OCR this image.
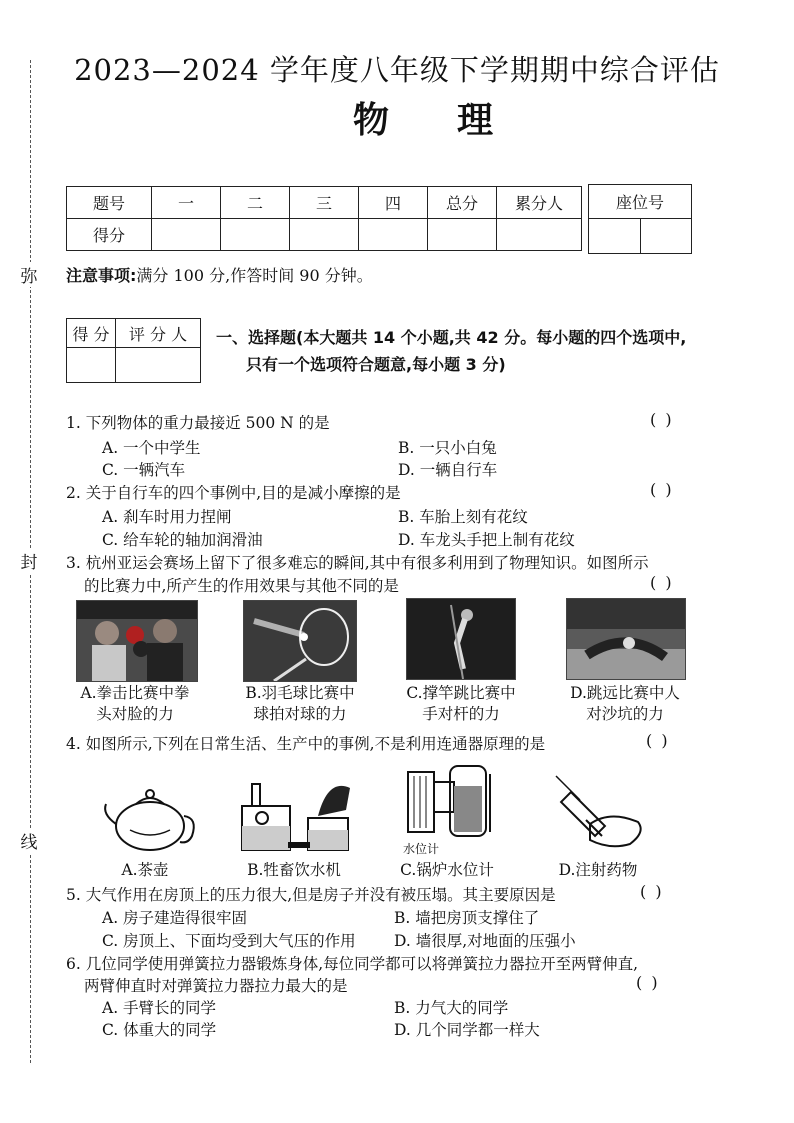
弥
封
线
2023—2024 学年度八年级下学期期中综合评估
物理
题号	一	二	三	四	总分	累分人
得分						
座位号

注意事项:满分 100 分,作答时间 90 分钟。
得 分	评 分 人
	一、选择题(本大题共 14 个小题,共 42 分。每小题的四个选项中,
只有一个选项符合题意,每小题 3 分)
1. 下列物体的重力最接近 500 N 的是	( )
A. 一个中学生	B. 一只小白兔
C. 一辆汽车	D. 一辆自行车
2. 关于自行车的四个事例中,目的是减小摩擦的是	( )
A. 刹车时用力捏闸	B. 车胎上刻有花纹
C. 给车轮的轴加润滑油	D. 车龙头手把上制有花纹
3. 杭州亚运会赛场上留下了很多难忘的瞬间,其中有很多利用到了物理知识。如图所示
的比赛力中,所产生的作用效果与其他不同的是	( )
A.拳击比赛中拳
头对脸的力
B.羽毛球比赛中
球拍对球的力
C.撑竿跳比赛中
手对杆的力
D.跳远比赛中人
对沙坑的力
4. 如图所示,下列在日常生活、生产中的事例,不是利用连通器原理的是	( )
水位计
A.茶壶	B.牲畜饮水机	C.锅炉水位计	D.注射药物
5. 大气作用在房顶上的压力很大,但是房子并没有被压塌。其主要原因是	( )
A. 房子建造得很牢固	B. 墙把房顶支撑住了
C. 房顶上、下面均受到大气压的作用 D. 墙很厚,对地面的压强小
6. 几位同学使用弹簧拉力器锻炼身体,每位同学都可以将弹簧拉力器拉开至两臂伸直,
两臂伸直时对弹簧拉力器拉力最大的是	( )
A. 手臂长的同学	B. 力气大的同学
C. 体重大的同学	D. 几个同学都一样大
